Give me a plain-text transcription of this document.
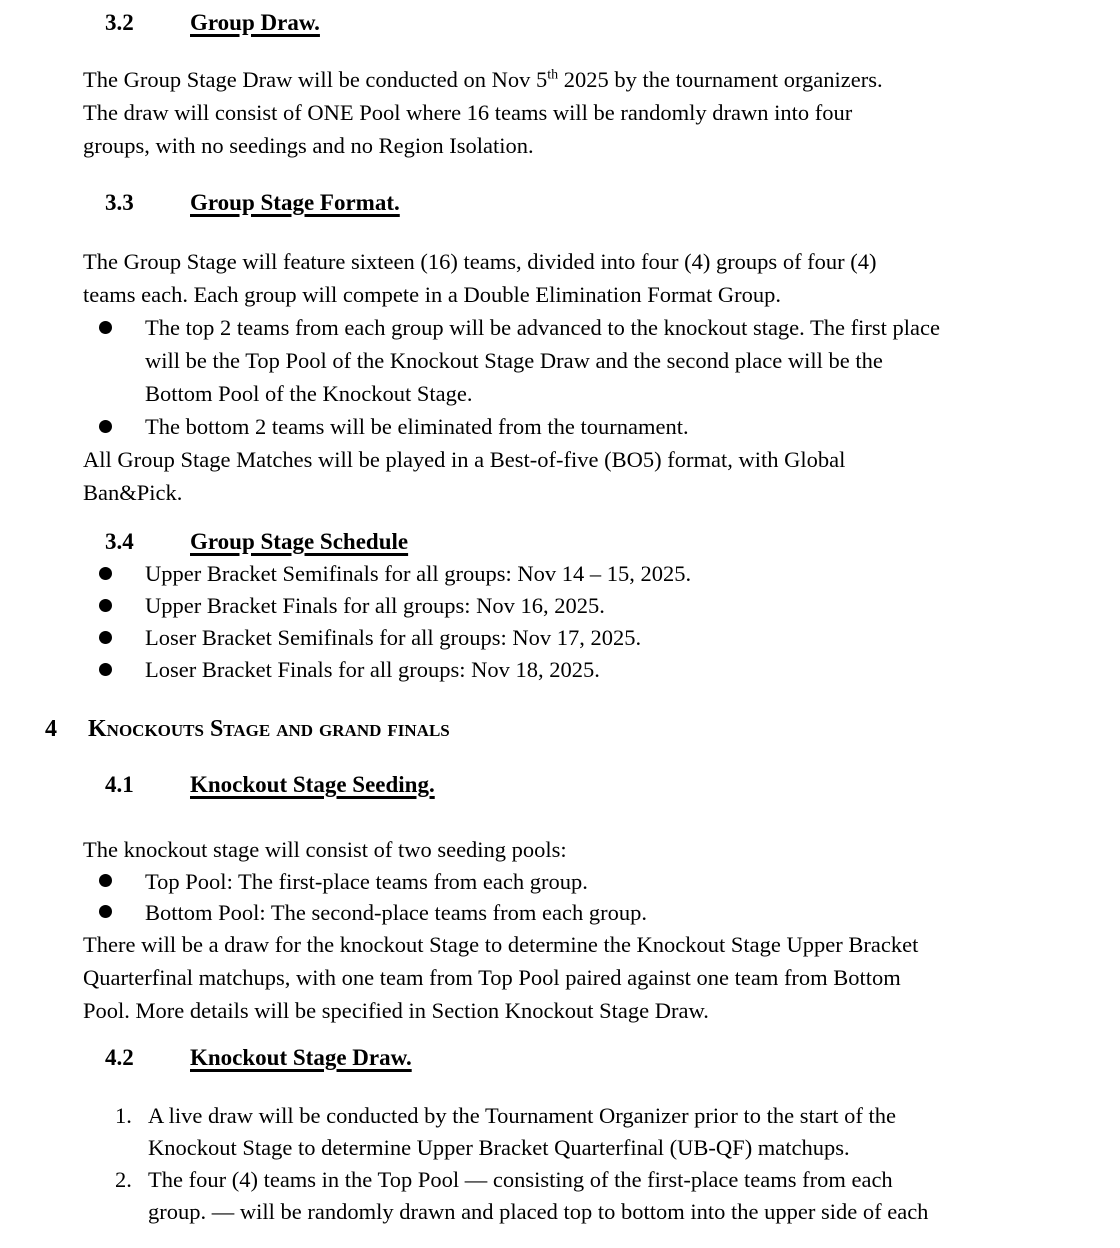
3.2 Group Draw.
The Group Stage Draw will be conducted on Nov 5th 2025 by the tournament organizers.
The draw will consist of ONE Pool where 16 teams will be randomly drawn into four
groups, with no seedings and no Region Isolation.
3.3 Group Stage Format.
The Group Stage will feature sixteen (16) teams, divided into four (4) groups of four (4)
teams each. Each group will compete in a Double Elimination Format Group.
The top 2 teams from each group will be advanced to the knockout stage. The first place
will be the Top Pool of the Knockout Stage Draw and the second place will be the
Bottom Pool of the Knockout Stage.
The bottom 2 teams will be eliminated from the tournament.
All Group Stage Matches will be played in a Best-of-five (BO5) format, with Global
Ban&Pick.
3.4 Group Stage Schedule
Upper Bracket Semifinals for all groups: Nov 14 – 15, 2025.
Upper Bracket Finals for all groups: Nov 16, 2025.
Loser Bracket Semifinals for all groups: Nov 17, 2025.
Loser Bracket Finals for all groups: Nov 18, 2025.
4 Knockouts Stage and grand finals
4.1 Knockout Stage Seeding.
The knockout stage will consist of two seeding pools:
Top Pool: The first-place teams from each group.
Bottom Pool: The second-place teams from each group.
There will be a draw for the knockout Stage to determine the Knockout Stage Upper Bracket
Quarterfinal matchups, with one team from Top Pool paired against one team from Bottom
Pool. More details will be specified in Section Knockout Stage Draw.
4.2 Knockout Stage Draw.
1. A live draw will be conducted by the Tournament Organizer prior to the start of the
Knockout Stage to determine Upper Bracket Quarterfinal (UB-QF) matchups.
2. The four (4) teams in the Top Pool — consisting of the first-place teams from each
group. — will be randomly drawn and placed top to bottom into the upper side of each
